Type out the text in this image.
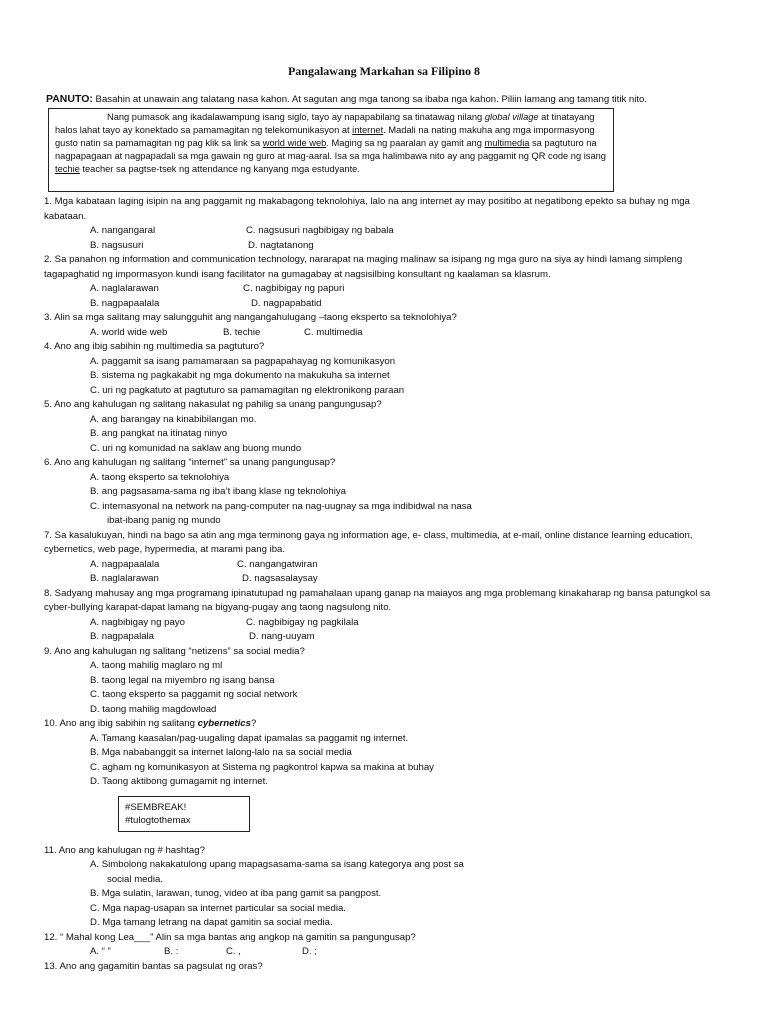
Pangalawang Markahan sa Filipino 8
PANUTO: Basahin at unawain ang talatang nasa kahon. At sagutan ang mga tanong sa ibaba nga kahon. Piliin lamang ang tamang titik nito.
Nang pumasok ang ikadalawampung isang siglo, tayo ay napapabilang sa tinatawag nilang global village at tinatayang halos lahat tayo ay konektado sa pamamagitan ng telekomunikasyon at internet. Madali na nating makuha ang mga impormasyong gusto natin sa pamamagitan ng pag klik sa link sa world wide web. Maging sa ng paaralan ay gamit ang multimedia sa pagtuturo na nagpapagaan at nagpapadali sa mga gawain ng guro at mag-aaral. Isa sa mga halimbawa nito ay ang paggamit ng QR code ng isang techie teacher sa pagtse-tsek ng attendance ng kanyang mga estudyante.
1. Mga kabataan laging isipin na ang paggamit ng makabagong teknolohiya, lalo na ang internet ay may positibo at negatibong epekto sa buhay ng mga kabataan.
A. nangangaral	C. nagsusuri nagbibigay ng babala
B. nagsusuri	D. nagtatanong
2. Sa panahon ng information and communication technology, nararapat na maging malinaw sa isipang ng mga guro na siya ay hindi lamang simpleng tagapaghatid ng impormasyon kundi isang facilitator na gumagabay at nagsisilbing konsultant ng kaalaman sa klasrum.
A. naglalarawan	C. nagbibigay ng papuri
B. nagpapaalala	D. nagpapabatid
3. Alin sa mga salitang may salungguhit ang nangangahulugang –taong eksperto sa teknolohiya?
A. world wide web	B. techie	C. multimedia
4. Ano ang ibig sabihin ng multimedia sa pagtuturo?
A. paggamit sa isang pamamaraan sa pagpapahayag ng komunikasyon
B. sistema ng pagkakabit ng mga dokumento na makukuha sa internet
C. uri ng pagkatuto at pagtuturo sa pamamagitan ng elektronikong paraan
5. Ano ang kahulugan ng salitang nakasulat ng pahilig sa unang pangungusap?
A. ang barangay na kinabibilangan mo.
B. ang pangkat na itinatag ninyo
C. uri ng komunidad na saklaw ang buong mundo
6. Ano ang kahulugan ng salitang “internet” sa unang pangungusap?
A. taong eksperto sa teknolohiya
B. ang pagsasama-sama ng iba’t ibang klase ng teknolohiya
C. internasyonal na network na pang-computer na nag-uugnay sa mga indibidwal na nasa
ibat-ibang panig ng mundo
7. Sa kasalukuyan, hindi na bago sa atin ang mga terminong gaya ng information age, e- class, multimedia, at e-mail, online distance learning education, cybernetics, web page, hypermedia, at marami pang iba.
A. nagpapaalala	C. nangangatwiran
B. naglalarawan	D. nagsasalaysay
8. Sadyang mahusay ang mga programang ipinatutupad ng pamahalaan upang ganap na maiayos ang mga problemang kinakaharap ng bansa patungkol sa cyber-bullying karapat-dapat lamang na bigyang-pugay ang taong nagsulong nito.
A. nagbibigay ng payo	C. nagbibigay ng pagkilala
B. nagpapalala	D. nang-uuyam
9. Ano ang kahulugan ng salitang “netizens” sa social media?
A. taong mahilig maglaro ng ml
B. taong legal na miyembro ng isang bansa
C. taong eksperto sa paggamit ng social network
D. taong mahilig magdowload
10. Ano ang ibig sabihin ng salitang cybernetics?
A. Tamang kaasalan/pag-uugaling dapat ipamalas sa paggamit ng internet.
B. Mga nababanggit sa internet lalong-lalo na sa social media
C. agham ng komunikasyon at Sistema ng pagkontrol kapwa sa makina at buhay
D. Taong aktibong gumagamit ng internet.
#SEMBREAK!
#tulogtothemax
11. Ano ang kahulugan ng # hashtag?
A. Simbolong nakakatulong upang mapagsasama-sama sa isang kategorya ang post sa
social media.
B. Mga sulatin, larawan, tunog, video at iba pang gamit sa pangpost.
C. Mga napag-usapan sa internet particular sa social media.
D. Mga tamang letrang na dapat gamitin sa social media.
12. “ Mahal kong Lea___” Alin sa mga bantas ang angkop na gamitin sa pangungusap?
A. “ ”	B. :	C. ,	D. ;
13. Ano ang gagamitin bantas sa pagsulat ng oras?
